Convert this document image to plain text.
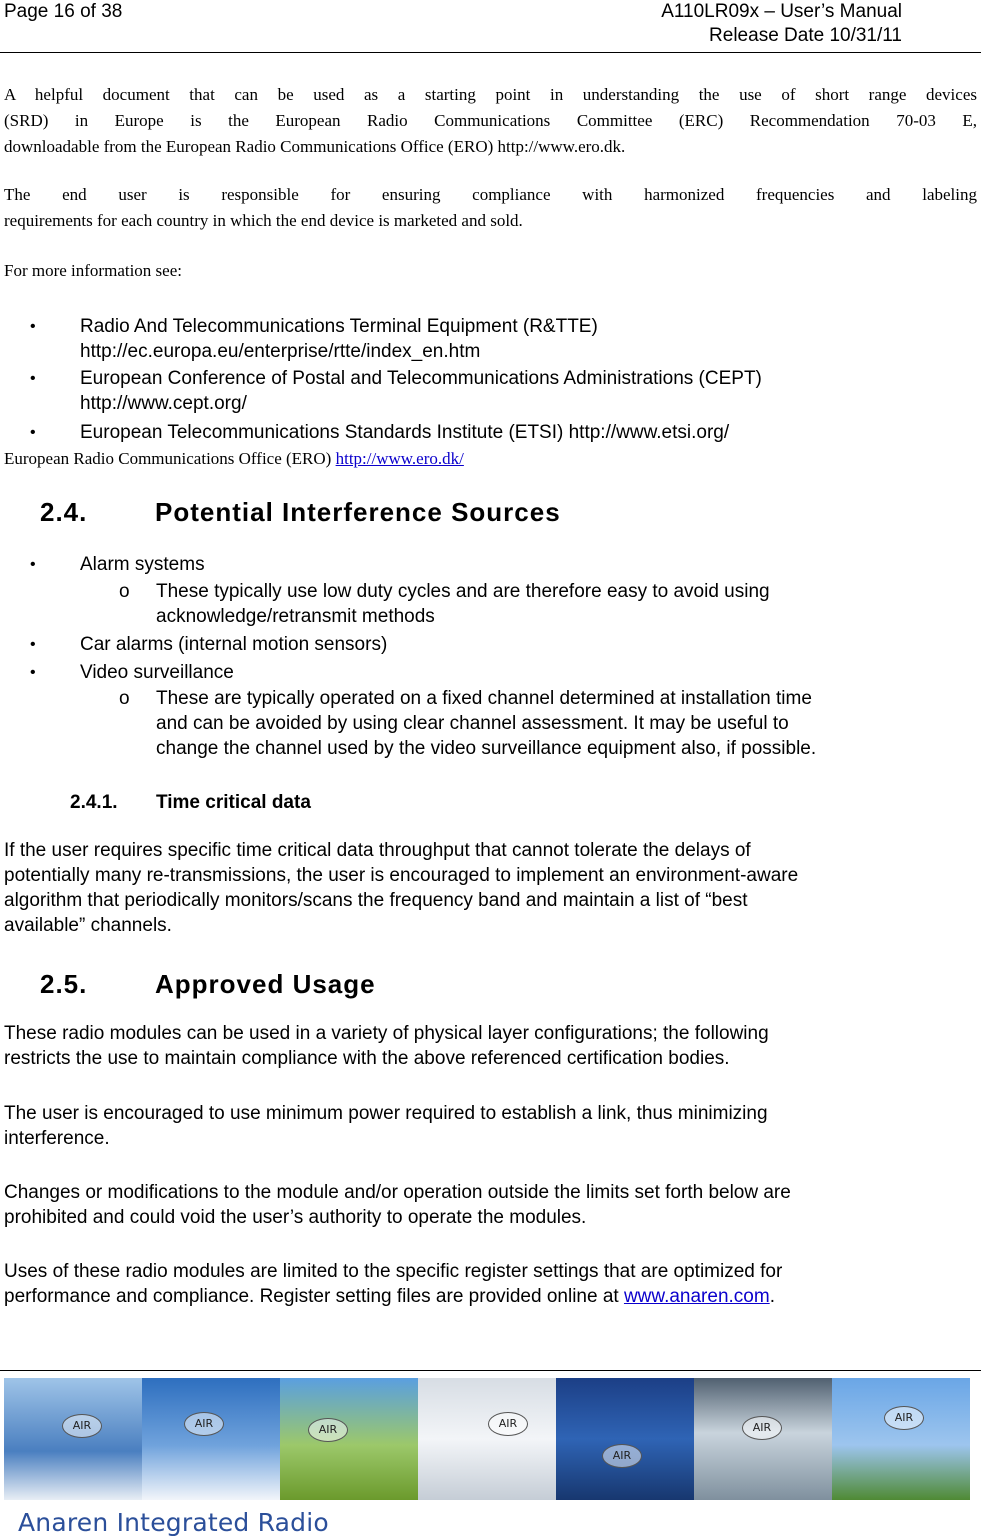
Page 16 of 38	A110LR09x – User’s Manual
Release Date 10/31/11
A helpful document that can be used as a starting point in understanding the use of short range devices
(SRD) in Europe is the European Radio Communications Committee (ERC) Recommendation 70-03 E,
downloadable from the European Radio Communications Office (ERO) http://www.ero.dk.
The end user is responsible for ensuring compliance with harmonized frequencies and labeling
requirements for each country in which the end device is marketed and sold.
For more information see:
• Radio And Telecommunications Terminal Equipment (R&TTE)
http://ec.europa.eu/enterprise/rtte/index_en.htm
• European Conference of Postal and Telecommunications Administrations (CEPT)
http://www.cept.org/
• European Telecommunications Standards Institute (ETSI) http://www.etsi.org/
European Radio Communications Office (ERO) http://www.ero.dk/
2.4.	Potential Interference Sources
• Alarm systems
o These typically use low duty cycles and are therefore easy to avoid using
acknowledge/retransmit methods
• Car alarms (internal motion sensors)
• Video surveillance
o These are typically operated on a fixed channel determined at installation time
and can be avoided by using clear channel assessment. It may be useful to
change the channel used by the video surveillance equipment also, if possible.
2.4.1. Time critical data
If the user requires specific time critical data throughput that cannot tolerate the delays of
potentially many re-transmissions, the user is encouraged to implement an environment-aware
algorithm that periodically monitors/scans the frequency band and maintain a list of “best
available” channels.
2.5.	Approved Usage
These radio modules can be used in a variety of physical layer configurations; the following
restricts the use to maintain compliance with the above referenced certification bodies.
The user is encouraged to use minimum power required to establish a link, thus minimizing
interference.
Changes or modifications to the module and/or operation outside the limits set forth below are
prohibited and could void the user’s authority to operate the modules.
Uses of these radio modules are limited to the specific register settings that are optimized for
performance and compliance. Register setting files are provided online at www.anaren.com.
AIR	AIR	AIR	AIR
AIR
AIR
AIR
Anaren Integrated Radio
